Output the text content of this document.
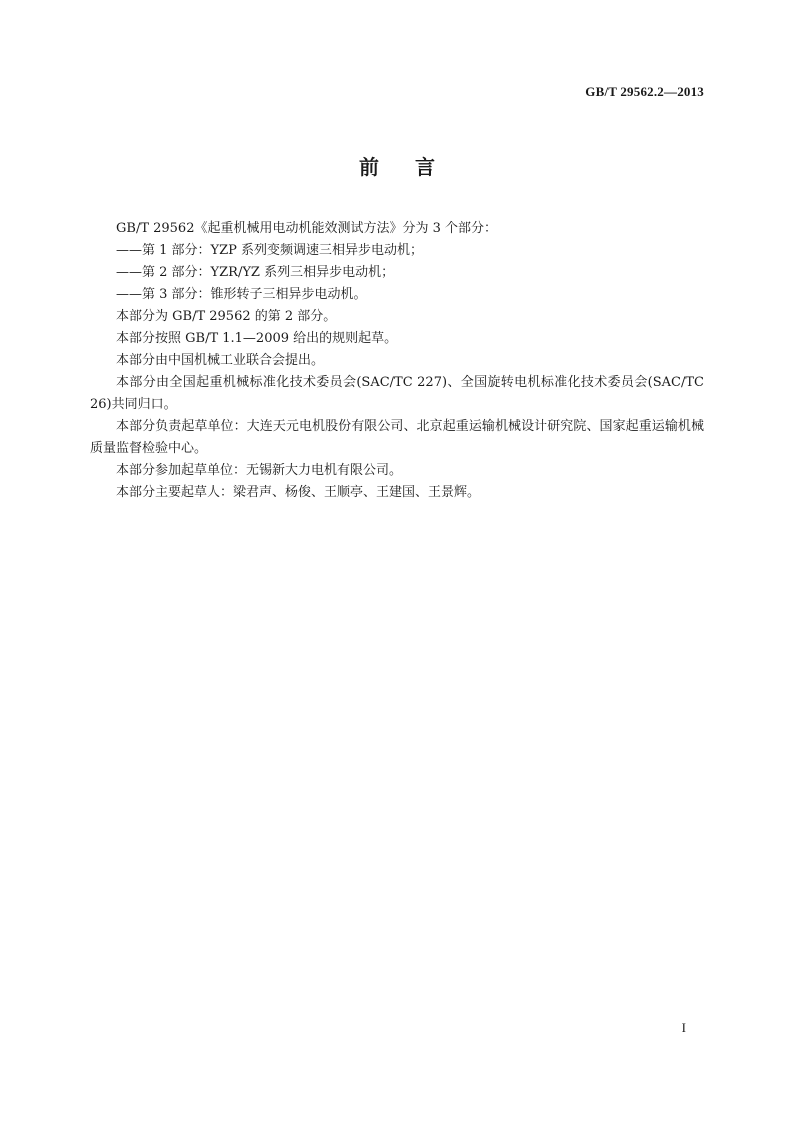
GB/T 29562.2—2013
前 言

GB/T 29562《起重机械用电动机能效测试方法》分为 3 个部分：

——第 1 部分：YZP 系列变频调速三相异步电动机；

——第 2 部分：YZR/YZ 系列三相异步电动机；

——第 3 部分：锥形转子三相异步电动机。

本部分为 GB/T 29562 的第 2 部分。

本部分按照 GB/T 1.1—2009 给出的规则起草。

本部分由中国机械工业联合会提出。

本部分由全国起重机械标准化技术委员会(SAC/TC 227)、全国旋转电机标准化技术委员会(SAC/TC 26)共同归口。

本部分负责起草单位：大连天元电机股份有限公司、北京起重运输机械设计研究院、国家起重运输机械质量监督检验中心。

本部分参加起草单位：无锡新大力电机有限公司。

本部分主要起草人：梁君声、杨俊、王顺亭、王建国、王景辉。

I
